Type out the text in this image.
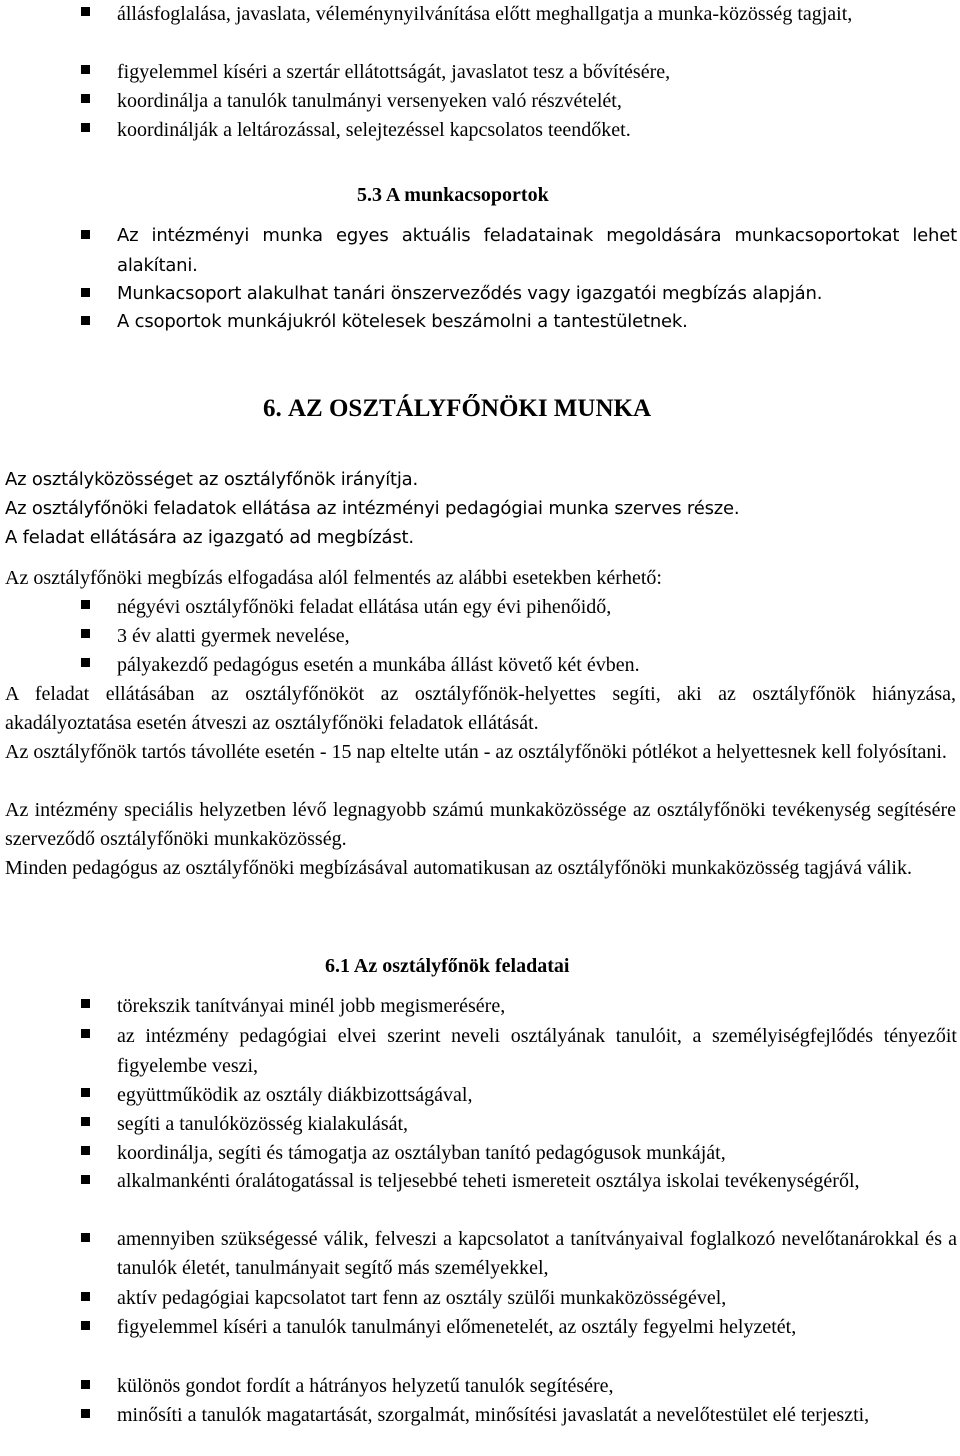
állásfoglalása, javaslata, véleménynyilvánítása előtt meghallgatja a munka-közösség tagjait,
figyelemmel kíséri a szertár ellátottságát, javaslatot tesz a bővítésére,
koordinálja a tanulók tanulmányi versenyeken való részvételét,
koordinálják a leltározással, selejtezéssel kapcsolatos teendőket.
5.3 A munkacsoportok
Az intézményi munka egyes aktuális feladatainak megoldására munkacsoportokat lehet alakítani.
Munkacsoport alakulhat tanári önszerveződés vagy igazgatói megbízás alapján.
A csoportok munkájukról kötelesek beszámolni a tantestületnek.
6. AZ OSZTÁLYFŐNÖKI MUNKA
Az osztályközösséget az osztályfőnök irányítja.
Az osztályfőnöki feladatok ellátása az intézményi pedagógiai munka szerves része.
A feladat ellátására az igazgató ad megbízást.
Az osztályfőnöki megbízás elfogadása alól felmentés az alábbi esetekben kérhető:
négyévi osztályfőnöki feladat ellátása után egy évi pihenőidő,
3 év alatti gyermek nevelése,
pályakezdő pedagógus esetén a munkába állást követő két évben.
A feladat ellátásában az osztályfőnököt az osztályfőnök-helyettes segíti, aki az osztályfőnök hiányzása, akadályoztatása esetén átveszi az osztályfőnöki feladatok ellátását.
Az osztályfőnök tartós távolléte esetén - 15 nap eltelte után - az osztályfőnöki pótlékot a helyettesnek kell folyósítani.
Az intézmény speciális helyzetben lévő legnagyobb számú munkaközössége az osztályfőnöki tevékenység segítésére szerveződő osztályfőnöki munkaközösség.
Minden pedagógus az osztályfőnöki megbízásával automatikusan az osztályfőnöki munkaközösség tagjává válik.
6.1 Az osztályfőnök feladatai
törekszik tanítványai minél jobb megismerésére,
az intézmény pedagógiai elvei szerint neveli osztályának tanulóit, a személyiségfejlődés tényezőit figyelembe veszi,
együttműködik az osztály diákbizottságával,
segíti a tanulóközösség kialakulását,
koordinálja, segíti és támogatja az osztályban tanító pedagógusok munkáját,
alkalmankénti óralátogatással is teljesebbé teheti ismereteit osztálya iskolai tevékenységéről,
amennyiben szükségessé válik, felveszi a kapcsolatot a tanítványaival foglalkozó nevelőtanárokkal és a tanulók életét, tanulmányait segítő más személyekkel,
aktív pedagógiai kapcsolatot tart fenn az osztály szülői munkaközösségével,
figyelemmel kíséri a tanulók tanulmányi előmenetelét, az osztály fegyelmi helyzetét,
különös gondot fordít a hátrányos helyzetű tanulók segítésére,
minősíti a tanulók magatartását, szorgalmát, minősítési javaslatát a nevelőtestület elé terjeszti,
